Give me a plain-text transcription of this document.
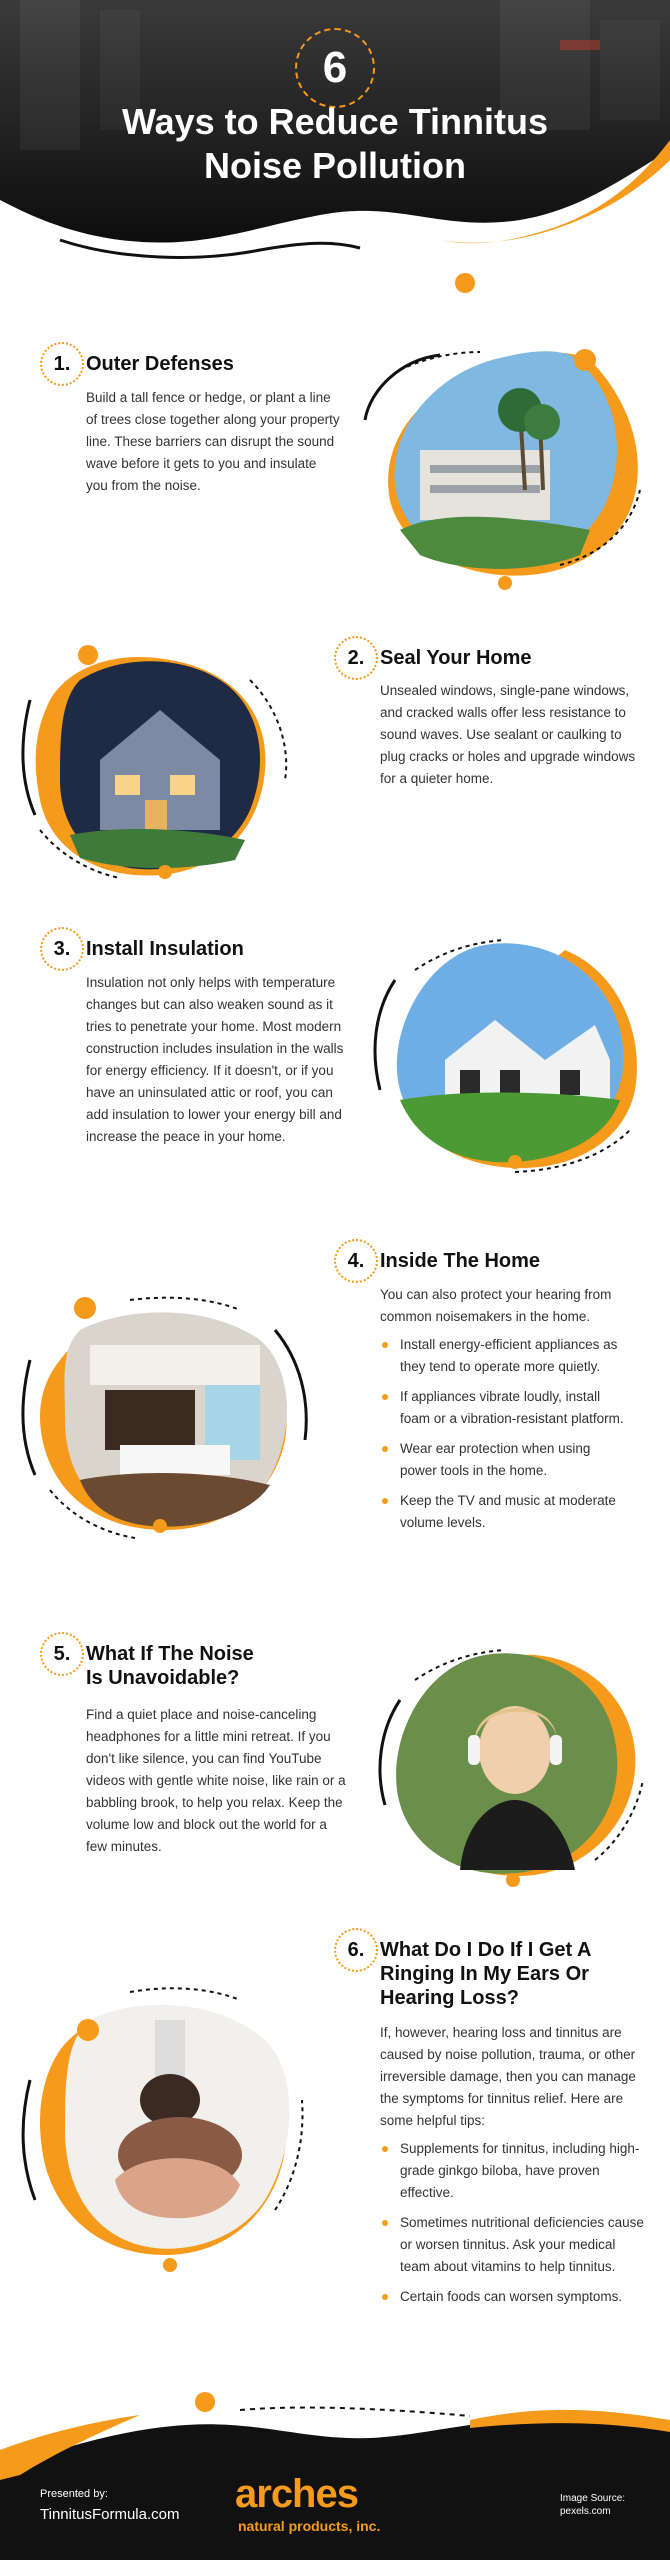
6
Ways to Reduce Tinnitus
Noise Pollution
1. Outer Defenses
Build a tall fence or hedge, or plant a line of trees close together along your property line. These barriers can disrupt the sound wave before it gets to you and insulate you from the noise.
2. Seal Your Home
Unsealed windows, single-pane windows, and cracked walls offer less resistance to sound waves. Use sealant or caulking to plug cracks or holes and upgrade windows for a quieter home.
3. Install Insulation
Insulation not only helps with temperature changes but can also weaken sound as it tries to penetrate your home. Most modern construction includes insulation in the walls for energy efficiency. If it doesn't, or if you have an uninsulated attic or roof, you can add insulation to lower your energy bill and increase the peace in your home.
4. Inside The Home

You can also protect your hearing from common noisemakers in the home.

Install energy-efficient appliances as they tend to operate more quietly.
If appliances vibrate loudly, install foam or a vibration-resistant platform.
Wear ear protection when using power tools in the home.
Keep the TV and music at moderate volume levels.
5. What If The Noise
Is Unavoidable?
Find a quiet place and noise-canceling headphones for a little mini retreat. If you don't like silence, you can find YouTube videos with gentle white noise, like rain or a babbling brook, to help you relax. Keep the volume low and block out the world for a few minutes.
6. What Do I Do If I Get A
Ringing In My Ears Or
Hearing Loss?

If, however, hearing loss and tinnitus are caused by noise pollution, trauma, or other irreversible damage, then you can manage the symptoms for tinnitus relief. Here are some helpful tips:

Supplements for tinnitus, including high-grade ginkgo biloba, have proven effective.
Sometimes nutritional deficiencies cause or worsen tinnitus. Ask your medical team about vitamins to help tinnitus.
Certain foods can worsen symptoms.
Presented by:
TinnitusFormula.com arches
natural products, inc.
Image Source:
pexels.com
